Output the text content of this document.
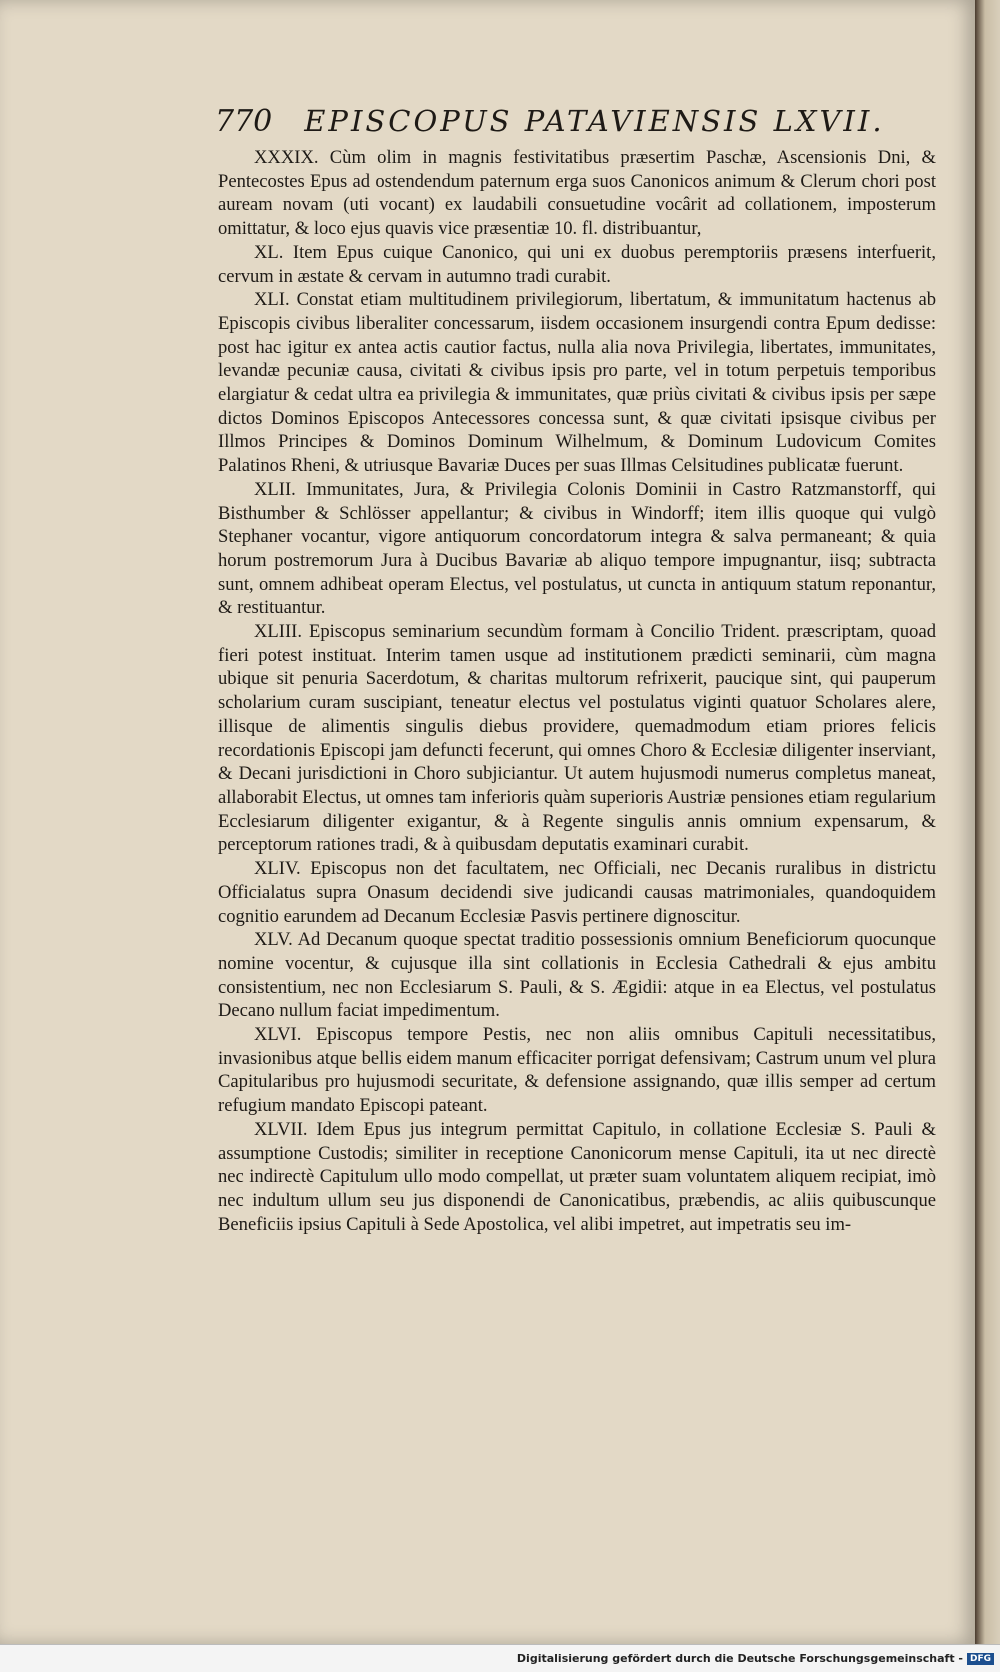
770 EPISCOPUS PATAVIENSIS LXVII.

XXXIX. Cùm olim in magnis festivitatibus præsertim Paschæ, Ascensionis Dni, & Pentecostes Epus ad ostendendum paternum erga suos Canonicos animum & Clerum chori post auream novam (uti vocant) ex laudabili consuetudine vocârit ad collationem, imposterum omittatur, & loco ejus quavis vice præsentiæ 10. fl. distribuantur,

XL. Item Epus cuique Canonico, qui uni ex duobus peremptoriis præsens interfuerit, cervum in æstate & cervam in autumno tradi curabit.

XLI. Constat etiam multitudinem privilegiorum, libertatum, & immunitatum hactenus ab Episcopis civibus liberaliter concessarum, iisdem occasionem insurgendi contra Epum dedisse: post hac igitur ex antea actis cautior factus, nulla alia nova Privilegia, libertates, immunitates, levandæ pecuniæ causa, civitati & civibus ipsis pro parte, vel in totum perpetuis temporibus elargiatur & cedat ultra ea privilegia & immunitates, quæ priùs civitati & civibus ipsis per sæpe dictos Dominos Episcopos Antecessores concessa sunt, & quæ civitati ipsisque civibus per Illmos Principes & Dominos Dominum Wilhelmum, & Dominum Ludovicum Comites Palatinos Rheni, & utriusque Bavariæ Duces per suas Illmas Celsitudines publicatæ fuerunt.

XLII. Immunitates, Jura, & Privilegia Colonis Dominii in Castro Ratzmanstorff, qui Bisthumber & Schlösser appellantur; & civibus in Windorff; item illis quoque qui vulgò Stephaner vocantur, vigore antiquorum concordatorum integra & salva permaneant; & quia horum postremorum Jura à Ducibus Bavariæ ab aliquo tempore impugnantur, iisq; subtracta sunt, omnem adhibeat operam Electus, vel postulatus, ut cuncta in antiquum statum reponantur, & restituantur.

XLIII. Episcopus seminarium secundùm formam à Concilio Trident. præscriptam, quoad fieri potest instituat. Interim tamen usque ad institutionem prædicti seminarii, cùm magna ubique sit penuria Sacerdotum, & charitas multorum refrixerit, paucique sint, qui pauperum scholarium curam suscipiant, teneatur electus vel postulatus viginti quatuor Scholares alere, illisque de alimentis singulis diebus providere, quemadmodum etiam priores felicis recordationis Episcopi jam defuncti fecerunt, qui omnes Choro & Ecclesiæ diligenter inserviant, & Decani jurisdictioni in Choro subjiciantur. Ut autem hujusmodi numerus completus maneat, allaborabit Electus, ut omnes tam inferioris quàm superioris Austriæ pensiones etiam regularium Ecclesiarum diligenter exigantur, & à Regente singulis annis omnium expensarum, & perceptorum rationes tradi, & à quibusdam deputatis examinari curabit.

XLIV. Episcopus non det facultatem, nec Officiali, nec Decanis ruralibus in districtu Officialatus supra Onasum decidendi sive judicandi causas matrimoniales, quandoquidem cognitio earundem ad Decanum Ecclesiæ Pasvis pertinere dignoscitur.

XLV. Ad Decanum quoque spectat traditio possessionis omnium Beneficiorum quocunque nomine vocentur, & cujusque illa sint collationis in Ecclesia Cathedrali & ejus ambitu consistentium, nec non Ecclesiarum S. Pauli, & S. Ægidii: atque in ea Electus, vel postulatus Decano nullum faciat impedimentum.

XLVI. Episcopus tempore Pestis, nec non aliis omnibus Capituli necessitatibus, invasionibus atque bellis eidem manum efficaciter porrigat defensivam; Castrum unum vel plura Capitularibus pro hujusmodi securitate, & defensione assignando, quæ illis semper ad certum refugium mandato Episcopi pateant.

XLVII. Idem Epus jus integrum permittat Capitulo, in collatione Ecclesiæ S. Pauli & assumptione Custodis; similiter in receptione Canonicorum mense Capituli, ita ut nec directè nec indirectè Capitulum ullo modo compellat, ut præter suam voluntatem aliquem recipiat, imò nec indultum ullum seu jus disponendi de Canonicatibus, præbendis, ac aliis quibuscunque Beneficiis ipsius Capituli à Sede Apostolica, vel alibi impetret, aut impetratis seu im-

Digitalisierung gefördert durch die Deutsche Forschungsgemeinschaft - DFG
